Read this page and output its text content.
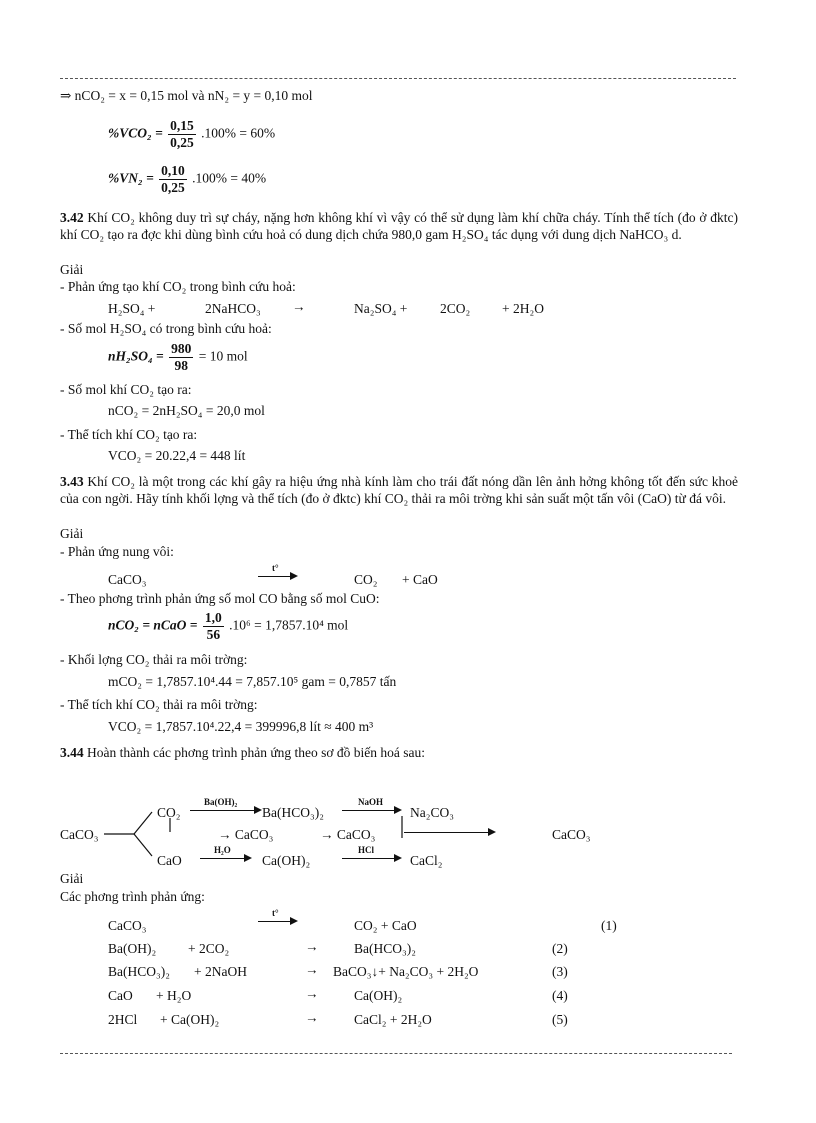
⇒ nCO₂ = x = 0,15 mol và nN₂ = y = 0,10 mol
$\%VCO_2 = \frac{0,15}{0,25} .100\% = 60\%$
$\%VN_2 = \frac{0,10}{0,25} .100\% = 40\%$
3.42 Khí CO₂ không duy trì sự cháy, nặng hơn không khí vì vậy có thể sử dụng làm khí chữa cháy. Tính thể tích (đo ở đktc) khí CO₂ tạo ra đợc khi dùng bình cứu hoả có dung dịch chứa 980,0 gam H₂SO₄ tác dụng với dung dịch NaHCO₃ d.
Giải
- Phản ứng tạo khí CO₂ trong bình cứu hoả:
H₂SO₄ +	2NaHCO₃ →	Na₂SO₄ + 2CO₂ + 2H₂O
- Số mol H₂SO₄ có trong bình cứu hoả:
$nH_2SO_4 = \frac{980}{98} = 10$ mol
- Số mol khí CO₂ tạo ra:
nCO₂ = 2nH₂SO₄ = 20,0 mol
- Thể tích khí CO₂ tạo ra:
VCO₂ = 20.22,4 = 448 lít
3.43 Khí CO₂ là một trong các khí gây ra hiệu ứng nhà kính làm cho trái đất nóng dần lên ảnh hởng không tốt đến sức khoẻ của con ngời. Hãy tính khối lợng và thể tích (đo ở đktc) khí CO₂ thải ra môi trờng khi sản suất một tấn vôi (CaO) từ đá vôi.
Giải
- Phản ứng nung vôi:
CaCO₃
t°
CO₂ + CaO
- Theo phơng trình phản ứng số mol CO bằng số mol CuO:
nCO₂ = nCaO = $\frac{1,0}{56} .10^6 = 1,7857.10^4$ mol
- Khối lợng CO₂ thải ra môi trờng:
mCO₂ = 1,7857.10⁴.44 = 7,857.10⁵ gam = 0,7857 tấn
- Thể tích khí CO₂ thải ra môi trờng:
VCO₂ = 1,7857.10⁴.22,4 = 399996,8 lít ≈ 400 m³
3.44 Hoàn thành các phơng trình phản ứng theo sơ đồ biến hoá sau:
CaCO₃
CO₂
Ba(OH)₂
Ba(HCO₃)₂
NaOH
Na₂CO₃
→ CaCO₃	→ CaCO₃	CaCO₃
CaO
H₂O
Ca(OH)₂
HCl
CaCl₂
Giải
Các phơng trình phản ứng:
CaCO₃
t°
CO₂ + CaO	(1)
Ba(OH)₂ + 2CO₂	→	Ba(HCO₃)₂	(2)
Ba(HCO₃)₂ + 2NaOH	→ BaCO₃↓+ Na₂CO₃ + 2H₂O	(3)
CaO + H₂O	→	Ca(OH)₂	(4)
2HCl + Ca(OH)₂	→	CaCl₂ + 2H₂O	(5)
